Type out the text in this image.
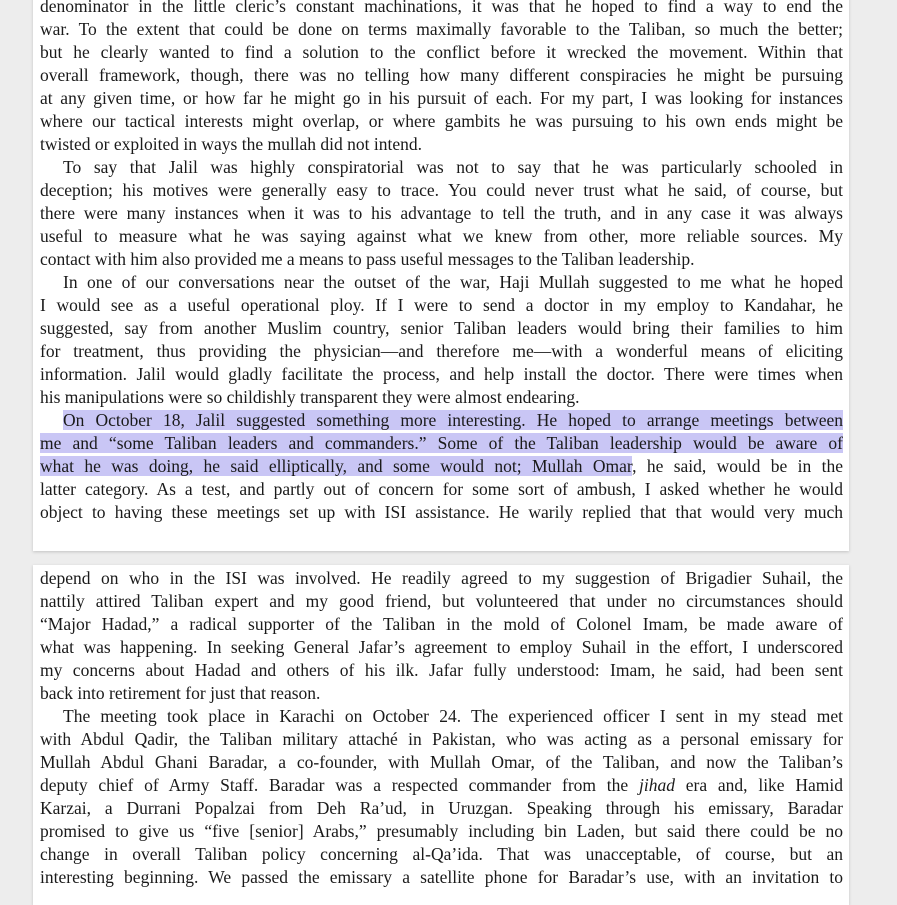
denominator in the little cleric’s constant machinations, it was that he hoped to find a way to end the

war. To the extent that could be done on terms maximally favorable to the Taliban, so much the better;

but he clearly wanted to find a solution to the conflict before it wrecked the movement. Within that

overall framework, though, there was no telling how many different conspiracies he might be pursuing

at any given time, or how far he might go in his pursuit of each. For my part, I was looking for instances

where our tactical interests might overlap, or where gambits he was pursuing to his own ends might be

twisted or exploited in ways the mullah did not intend.

To say that Jalil was highly conspiratorial was not to say that he was particularly schooled in

deception; his motives were generally easy to trace. You could never trust what he said, of course, but

there were many instances when it was to his advantage to tell the truth, and in any case it was always

useful to measure what he was saying against what we knew from other, more reliable sources. My

contact with him also provided me a means to pass useful messages to the Taliban leadership.

In one of our conversations near the outset of the war, Haji Mullah suggested to me what he hoped

I would see as a useful operational ploy. If I were to send a doctor in my employ to Kandahar, he

suggested, say from another Muslim country, senior Taliban leaders would bring their families to him

for treatment, thus providing the physician—and therefore me—with a wonderful means of eliciting

information. Jalil would gladly facilitate the process, and help install the doctor. There were times when

his manipulations were so childishly transparent they were almost endearing.

On October 18, Jalil suggested something more interesting. He hoped to arrange meetings between

me and “some Taliban leaders and commanders.” Some of the Taliban leadership would be aware of

what he was doing, he said elliptically, and some would not; Mullah Omar, he said, would be in the

latter category. As a test, and partly out of concern for some sort of ambush, I asked whether he would

object to having these meetings set up with ISI assistance. He warily replied that that would very much

depend on who in the ISI was involved. He readily agreed to my suggestion of Brigadier Suhail, the

nattily attired Taliban expert and my good friend, but volunteered that under no circumstances should

“Major Hadad,” a radical supporter of the Taliban in the mold of Colonel Imam, be made aware of

what was happening. In seeking General Jafar’s agreement to employ Suhail in the effort, I underscored

my concerns about Hadad and others of his ilk. Jafar fully understood: Imam, he said, had been sent

back into retirement for just that reason.

The meeting took place in Karachi on October 24. The experienced officer I sent in my stead met

with Abdul Qadir, the Taliban military attaché in Pakistan, who was acting as a personal emissary for

Mullah Abdul Ghani Baradar, a co-founder, with Mullah Omar, of the Taliban, and now the Taliban’s

deputy chief of Army Staff. Baradar was a respected commander from the jihad era and, like Hamid

Karzai, a Durrani Popalzai from Deh Ra’ud, in Uruzgan. Speaking through his emissary, Baradar

promised to give us “five [senior] Arabs,” presumably including bin Laden, but said there could be no

change in overall Taliban policy concerning al-Qa’ida. That was unacceptable, of course, but an

interesting beginning. We passed the emissary a satellite phone for Baradar’s use, with an invitation to
